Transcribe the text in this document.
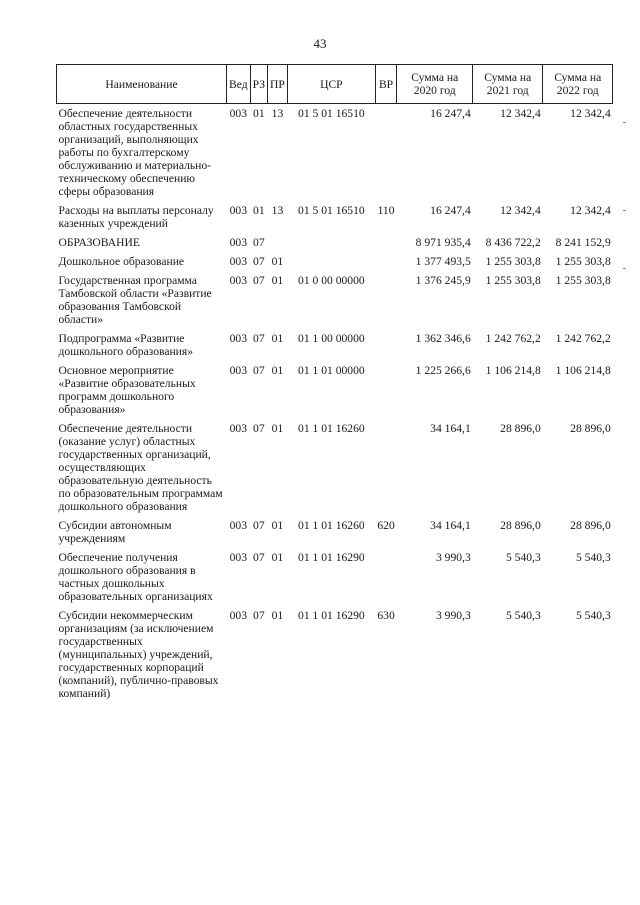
43
Наименование	Вед	РЗ	ПР	ЦСР	ВР	Сумма на 2020 год	Сумма на 2021 год	Сумма на 2022 год
Обеспечение деятельности областных государственных организаций, выполняющих работы по бухгалтерскому обслуживанию и материально-техническому обеспечению сферы образования	003	01	13	01 5 01 16510		16 247,4	12 342,4	12 342,4
Расходы на выплаты персоналу казенных учреждений	003	01	13	01 5 01 16510	110	16 247,4	12 342,4	12 342,4
ОБРАЗОВАНИЕ	003	07				8 971 935,4	8 436 722,2	8 241 152,9
Дошкольное образование	003	07	01			1 377 493,5	1 255 303,8	1 255 303,8
Государственная программа Тамбовской области «Развитие образования Тамбовской области»	003	07	01	01 0 00 00000		1 376 245,9	1 255 303,8	1 255 303,8
Подпрограмма «Развитие дошкольного образования»	003	07	01	01 1 00 00000		1 362 346,6	1 242 762,2	1 242 762,2
Основное мероприятие «Развитие образовательных программ дошкольного образования»	003	07	01	01 1 01 00000		1 225 266,6	1 106 214,8	1 106 214,8
Обеспечение деятельности (оказание услуг) областных государственных организаций, осуществляющих образовательную деятельность по образовательным программам дошкольного образования	003	07	01	01 1 01 16260		34 164,1	28 896,0	28 896,0
Субсидии автономным учреждениям	003	07	01	01 1 01 16260	620	34 164,1	28 896,0	28 896,0
Обеспечение получения дошкольного образования в частных дошкольных образовательных организациях	003	07	01	01 1 01 16290		3 990,3	5 540,3	5 540,3
Субсидии некоммерческим организациям (за исключением государственных (муниципальных) учреждений, государственных корпораций (компаний), публично-правовых компаний)	003	07	01	01 1 01 16290	630	3 990,3	5 540,3	5 540,3
